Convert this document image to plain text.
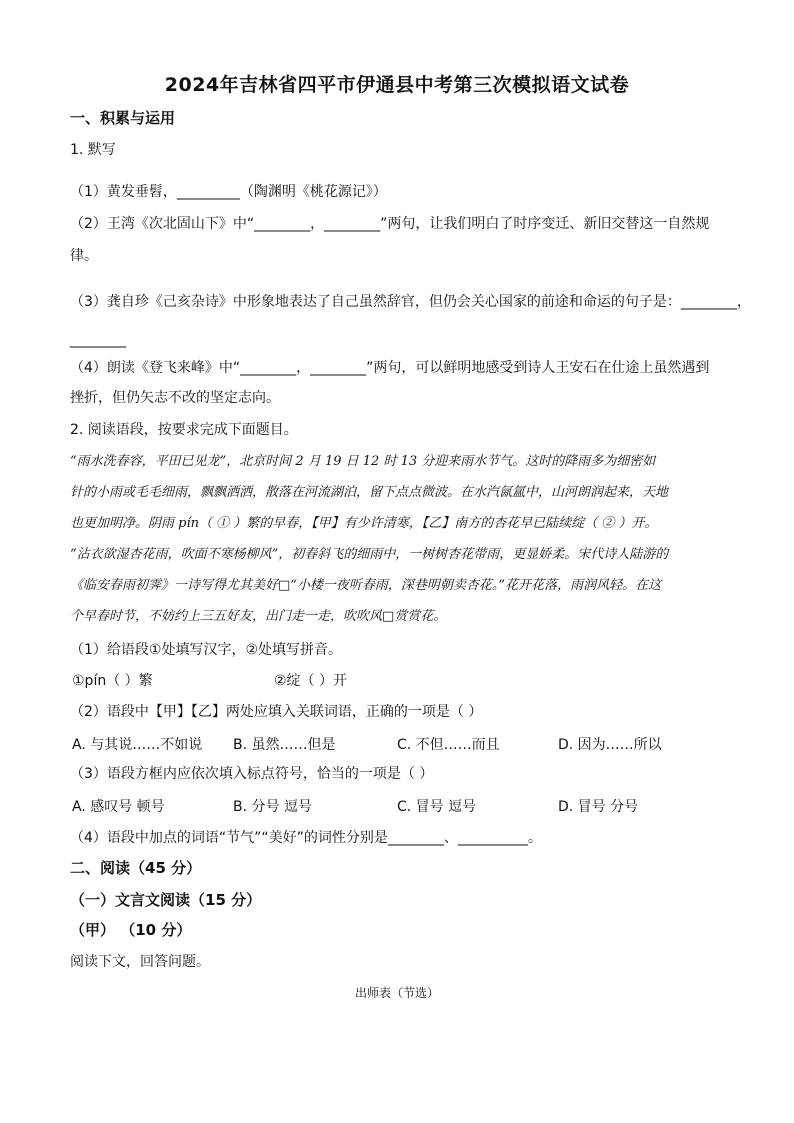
2024年吉林省四平市伊通县中考第三次模拟语文试卷
一、积累与运用
1. 默写
（1）黄发垂髫，_________（陶渊明《桃花源记》）
（2）王湾《次北固山下》中“________，________”两句，让我们明白了时序变迁、新旧交替这一自然规
律。
（3）龚自珍《己亥杂诗》中形象地表达了自己虽然辞官，但仍会关心国家的前途和命运的句子是：________，
________
（4）朗读《登飞来峰》中“________，________”两句，可以鲜明地感受到诗人王安石在仕途上虽然遇到
挫折，但仍矢志不改的坚定志向。
2. 阅读语段，按要求完成下面题目。
“雨水洗春容，平田已见龙”，北京时间 2 月 19 日 12 时 13 分迎来雨水节气。这时的降雨多为细密如
针的小雨或毛毛细雨，飘飘洒洒，散落在河流湖泊，留下点点微波。在水汽氤氲中，山河朗润起来，天地
也更加明净。阴雨 pín（ ① ）繁的早春，【甲】有少许清寒，【乙】南方的杏花早已陆续绽（ ② ）开。
“沾衣欲湿杏花雨，吹面不寒杨柳风”，初春斜飞的细雨中，一树树杏花带雨，更显娇柔。宋代诗人陆游的
《临安春雨初霁》一诗写得尤其美好□“小楼一夜听春雨，深巷明朝卖杏花。”花开花落，雨润风轻。在这
个早春时节，不妨约上三五好友，出门走一走，吹吹风□赏赏花。
（1）给语段①处填写汉字，②处填写拼音。
①pín（ ）繁	②绽（ ）开
（2）语段中【甲】【乙】两处应填入关联词语，正确的一项是（ ）
A. 与其说……不如说 B. 虽然……但是	C. 不但……而且	D. 因为……所以
（3）语段方框内应依次填入标点符号，恰当的一项是（ ）
A. 感叹号 顿号	B. 分号 逗号	C. 冒号 逗号	D. 冒号 分号
（4）语段中加点的词语“节气”“美好”的词性分别是________、__________。
二、阅读（45 分）
（一）文言文阅读（15 分）
（甲） （10 分）
阅读下文，回答问题。
出师表（节选）
